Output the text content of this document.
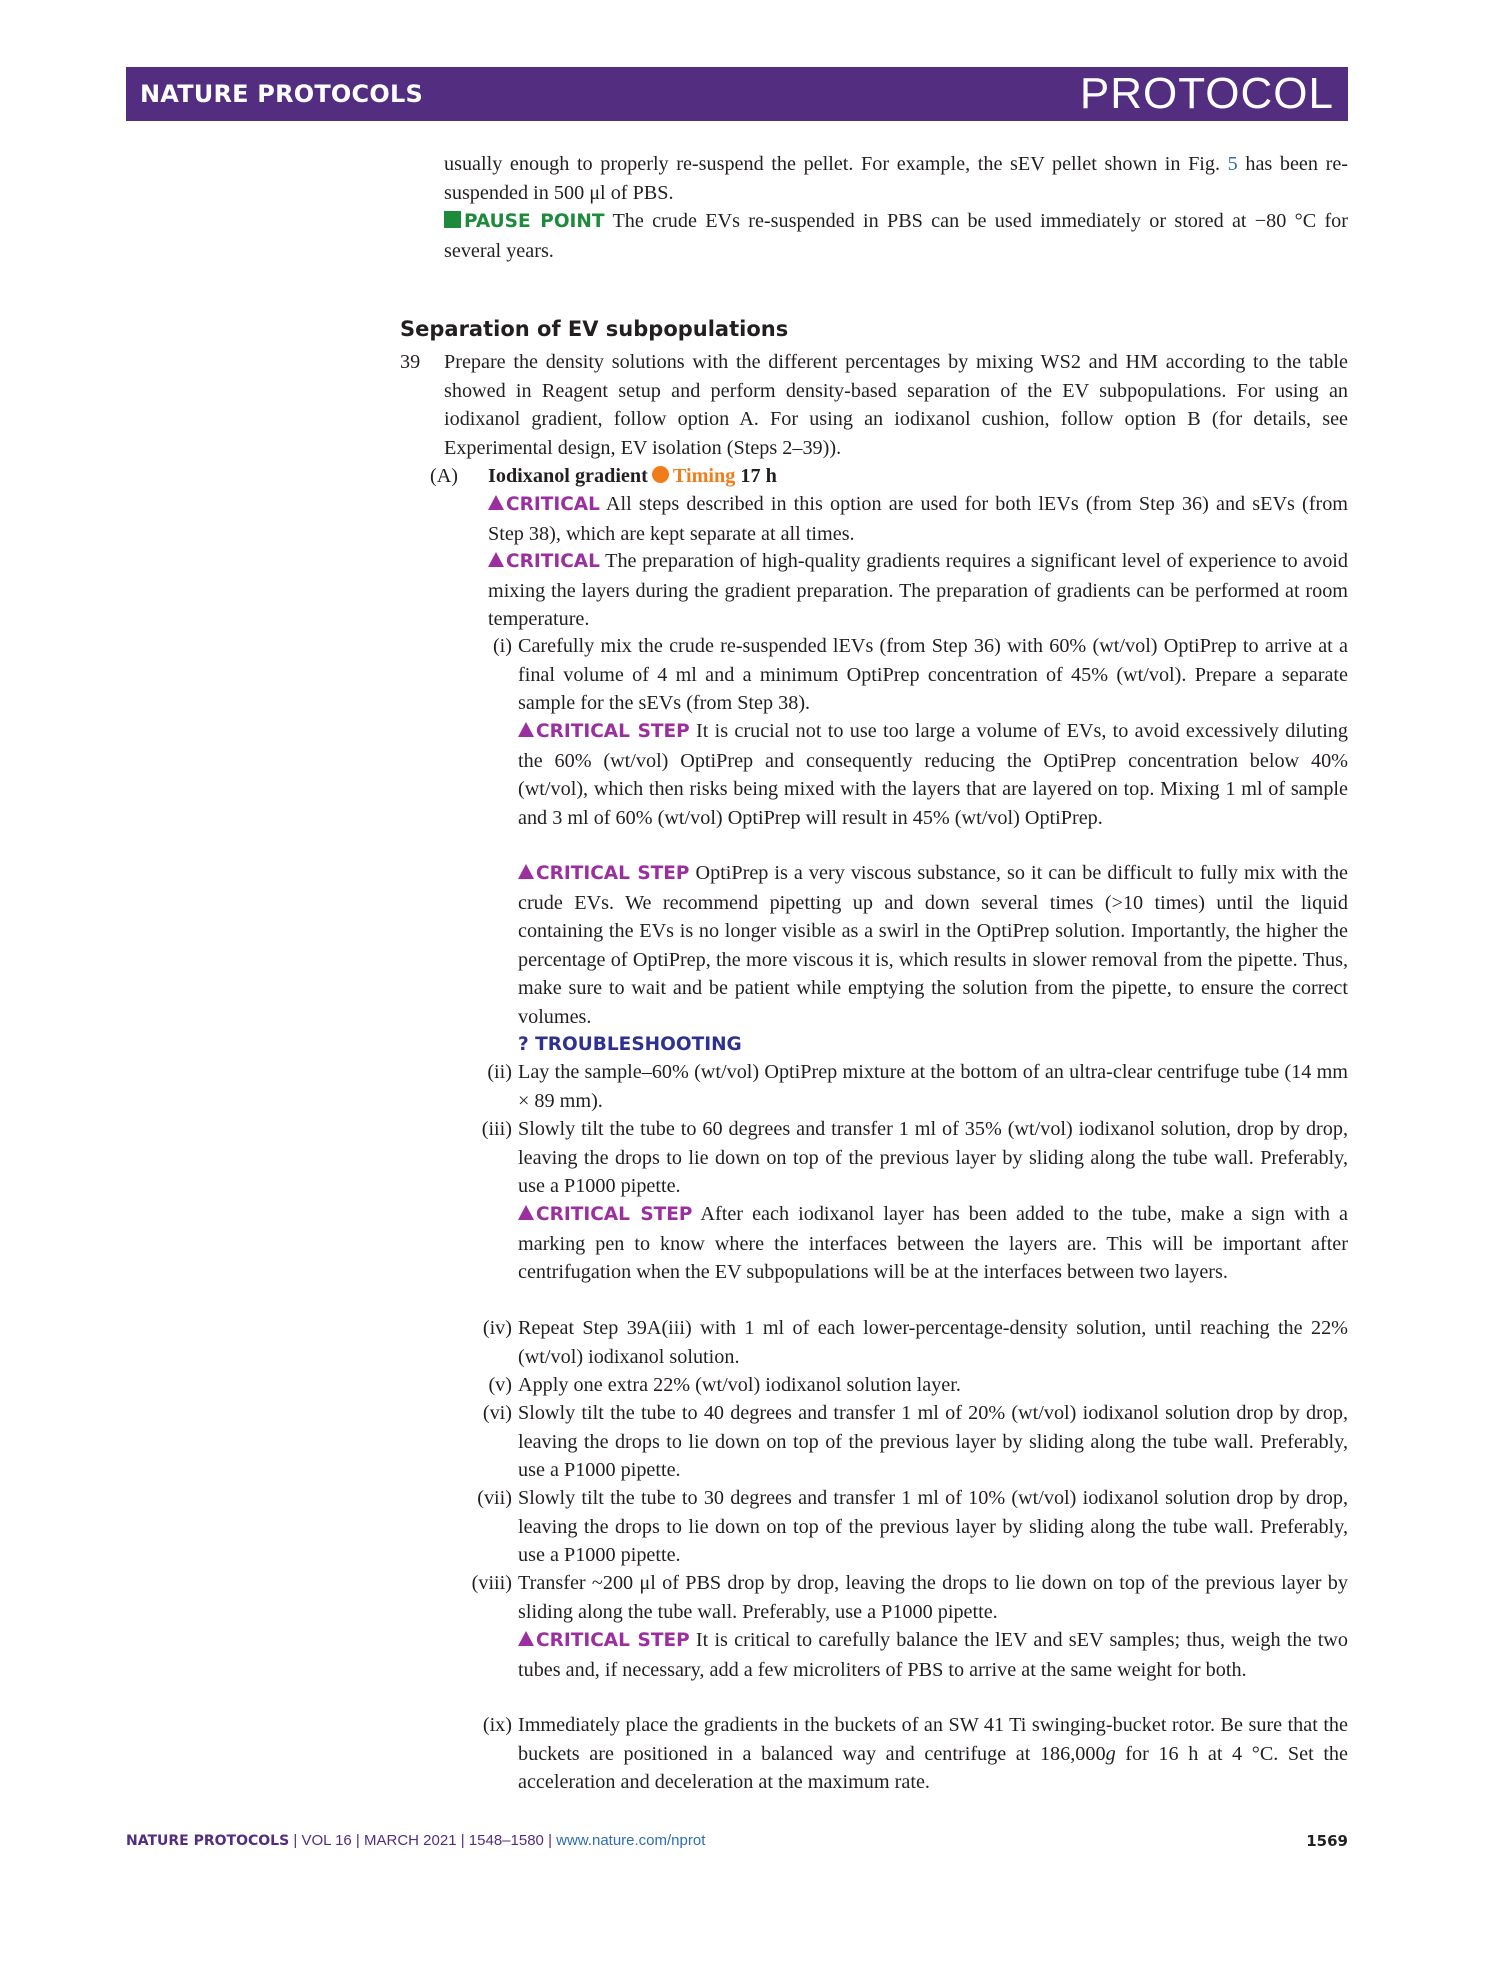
NATURE PROTOCOLS	PROTOCOL

usually enough to properly re-suspend the pellet. For example, the sEV pellet shown in Fig. 5 has been re-suspended in 500 μl of PBS.

PAUSE POINT The crude EVs re-suspended in PBS can be used immediately or stored at −80 °C for several years.

Separation of EV subpopulations
39 Prepare the density solutions with the different percentages by mixing WS2 and HM according to the table showed in Reagent setup and perform density-based separation of the EV subpopulations. For using an iodixanol gradient, follow option A. For using an iodixanol cushion, follow option B (for details, see Experimental design, EV isolation (Steps 2–39)).

(A)	Iodixanol gradient Timing 17 h

CRITICAL All steps described in this option are used for both lEVs (from Step 36) and sEVs (from Step 38), which are kept separate at all times.

CRITICAL The preparation of high-quality gradients requires a significant level of experience to avoid mixing the layers during the gradient preparation. The preparation of gradients can be performed at room temperature.

(i) Carefully mix the crude re-suspended lEVs (from Step 36) with 60% (wt/vol) OptiPrep to arrive at a final volume of 4 ml and a minimum OptiPrep concentration of 45% (wt/vol). Prepare a separate sample for the sEVs (from Step 38).

CRITICAL STEP It is crucial not to use too large a volume of EVs, to avoid excessively diluting the 60% (wt/vol) OptiPrep and consequently reducing the OptiPrep concentration below 40% (wt/vol), which then risks being mixed with the layers that are layered on top. Mixing 1 ml of sample and 3 ml of 60% (wt/vol) OptiPrep will result in 45% (wt/vol) OptiPrep.

CRITICAL STEP OptiPrep is a very viscous substance, so it can be difficult to fully mix with the crude EVs. We recommend pipetting up and down several times (>10 times) until the liquid containing the EVs is no longer visible as a swirl in the OptiPrep solution. Importantly, the higher the percentage of OptiPrep, the more viscous it is, which results in slower removal from the pipette. Thus, make sure to wait and be patient while emptying the solution from the pipette, to ensure the correct volumes.

? TROUBLESHOOTING

(ii) Lay the sample–60% (wt/vol) OptiPrep mixture at the bottom of an ultra-clear centrifuge tube (14 mm × 89 mm).

(iii) Slowly tilt the tube to 60 degrees and transfer 1 ml of 35% (wt/vol) iodixanol solution, drop by drop, leaving the drops to lie down on top of the previous layer by sliding along the tube wall. Preferably, use a P1000 pipette.

CRITICAL STEP After each iodixanol layer has been added to the tube, make a sign with a marking pen to know where the interfaces between the layers are. This will be important after centrifugation when the EV subpopulations will be at the interfaces between two layers.

(iv) Repeat Step 39A(iii) with 1 ml of each lower-percentage-density solution, until reaching the 22% (wt/vol) iodixanol solution.

(v) Apply one extra 22% (wt/vol) iodixanol solution layer.

(vi) Slowly tilt the tube to 40 degrees and transfer 1 ml of 20% (wt/vol) iodixanol solution drop by drop, leaving the drops to lie down on top of the previous layer by sliding along the tube wall. Preferably, use a P1000 pipette.

(vii) Slowly tilt the tube to 30 degrees and transfer 1 ml of 10% (wt/vol) iodixanol solution drop by drop, leaving the drops to lie down on top of the previous layer by sliding along the tube wall. Preferably, use a P1000 pipette.

(viii) Transfer ~200 μl of PBS drop by drop, leaving the drops to lie down on top of the previous layer by sliding along the tube wall. Preferably, use a P1000 pipette.

CRITICAL STEP It is critical to carefully balance the lEV and sEV samples; thus, weigh the two tubes and, if necessary, add a few microliters of PBS to arrive at the same weight for both.

(ix) Immediately place the gradients in the buckets of an SW 41 Ti swinging-bucket rotor. Be sure that the buckets are positioned in a balanced way and centrifuge at 186,000g for 16 h at 4 °C. Set the acceleration and deceleration at the maximum rate.

NATURE PROTOCOLS | VOL 16 | MARCH 2021 | 1548–1580 | www.nature.com/nprot	1569
